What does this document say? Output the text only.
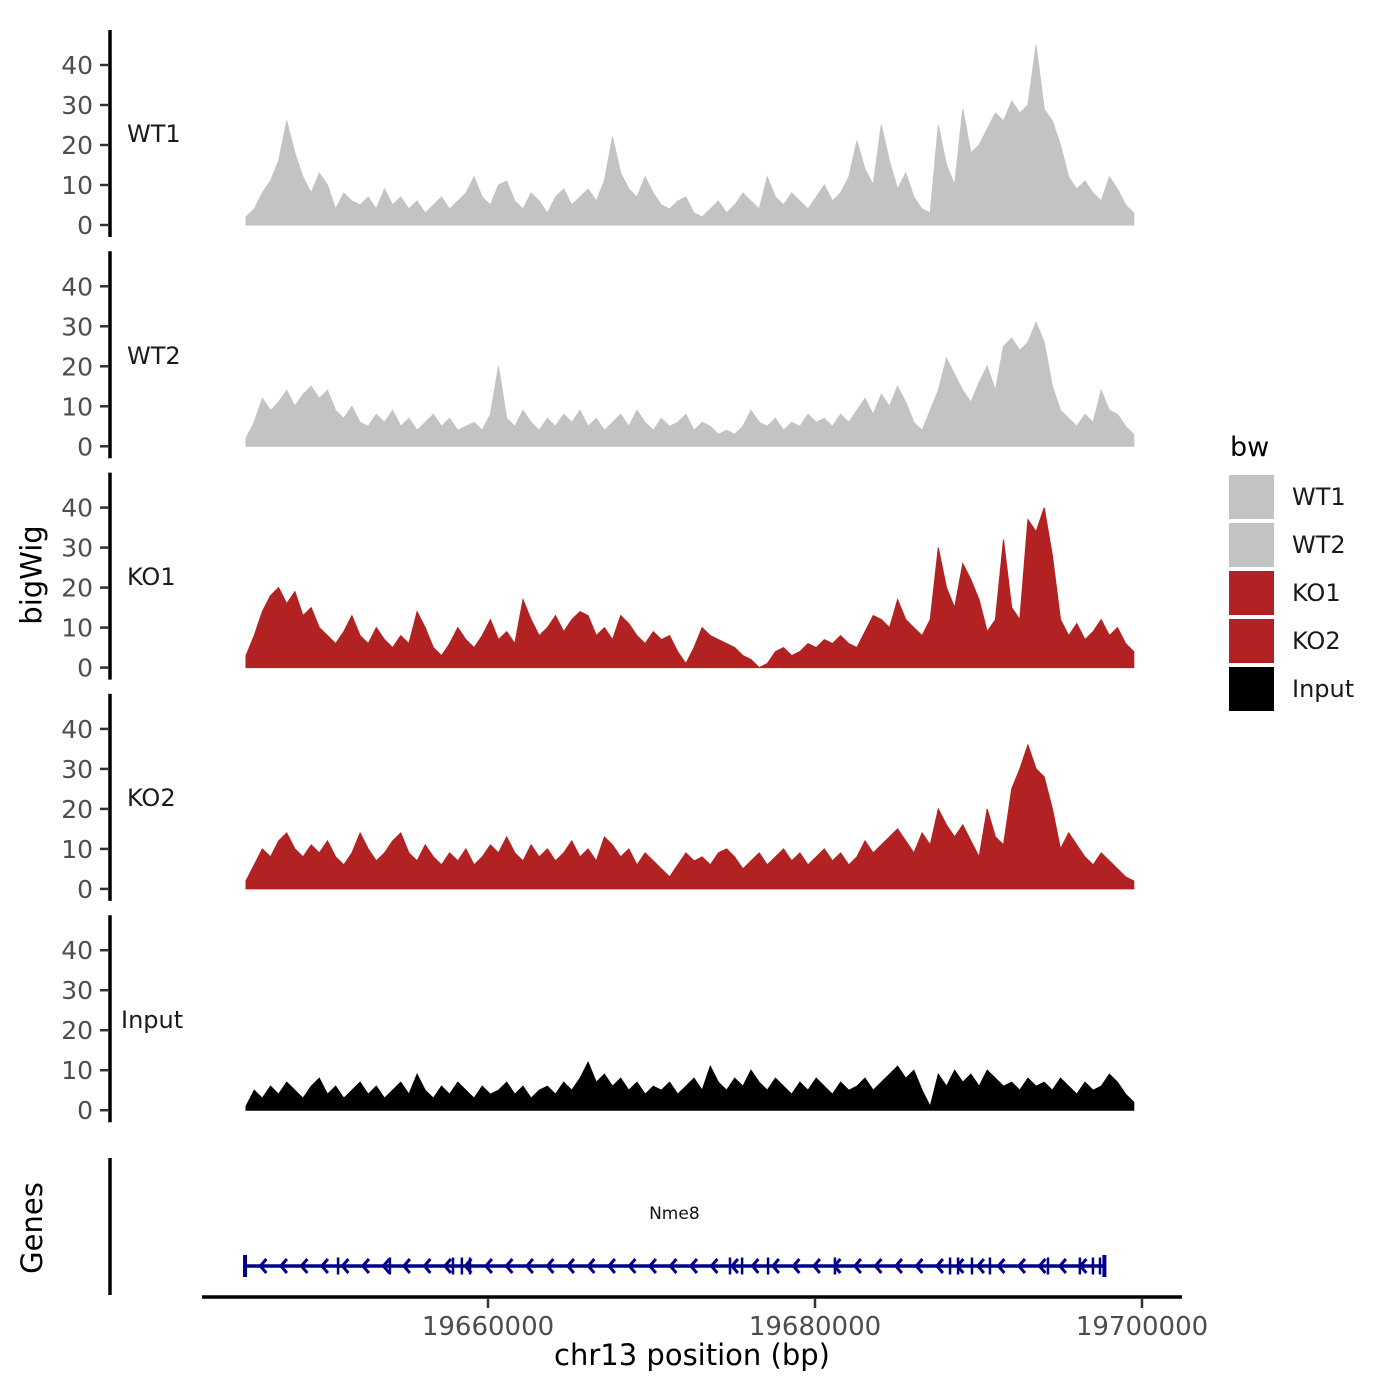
0
10
20
30
40
0
10
20
30
40
0
10
20
30
40
0
10
20
30
40
0
10
20
30
40
19660000	19680000	19700000
bigWig
Genes
WT1
WT2
KO1
KO2
Input
Nme8
chr13 position (bp)
bw
WT1
WT2
KO1
KO2
Input
